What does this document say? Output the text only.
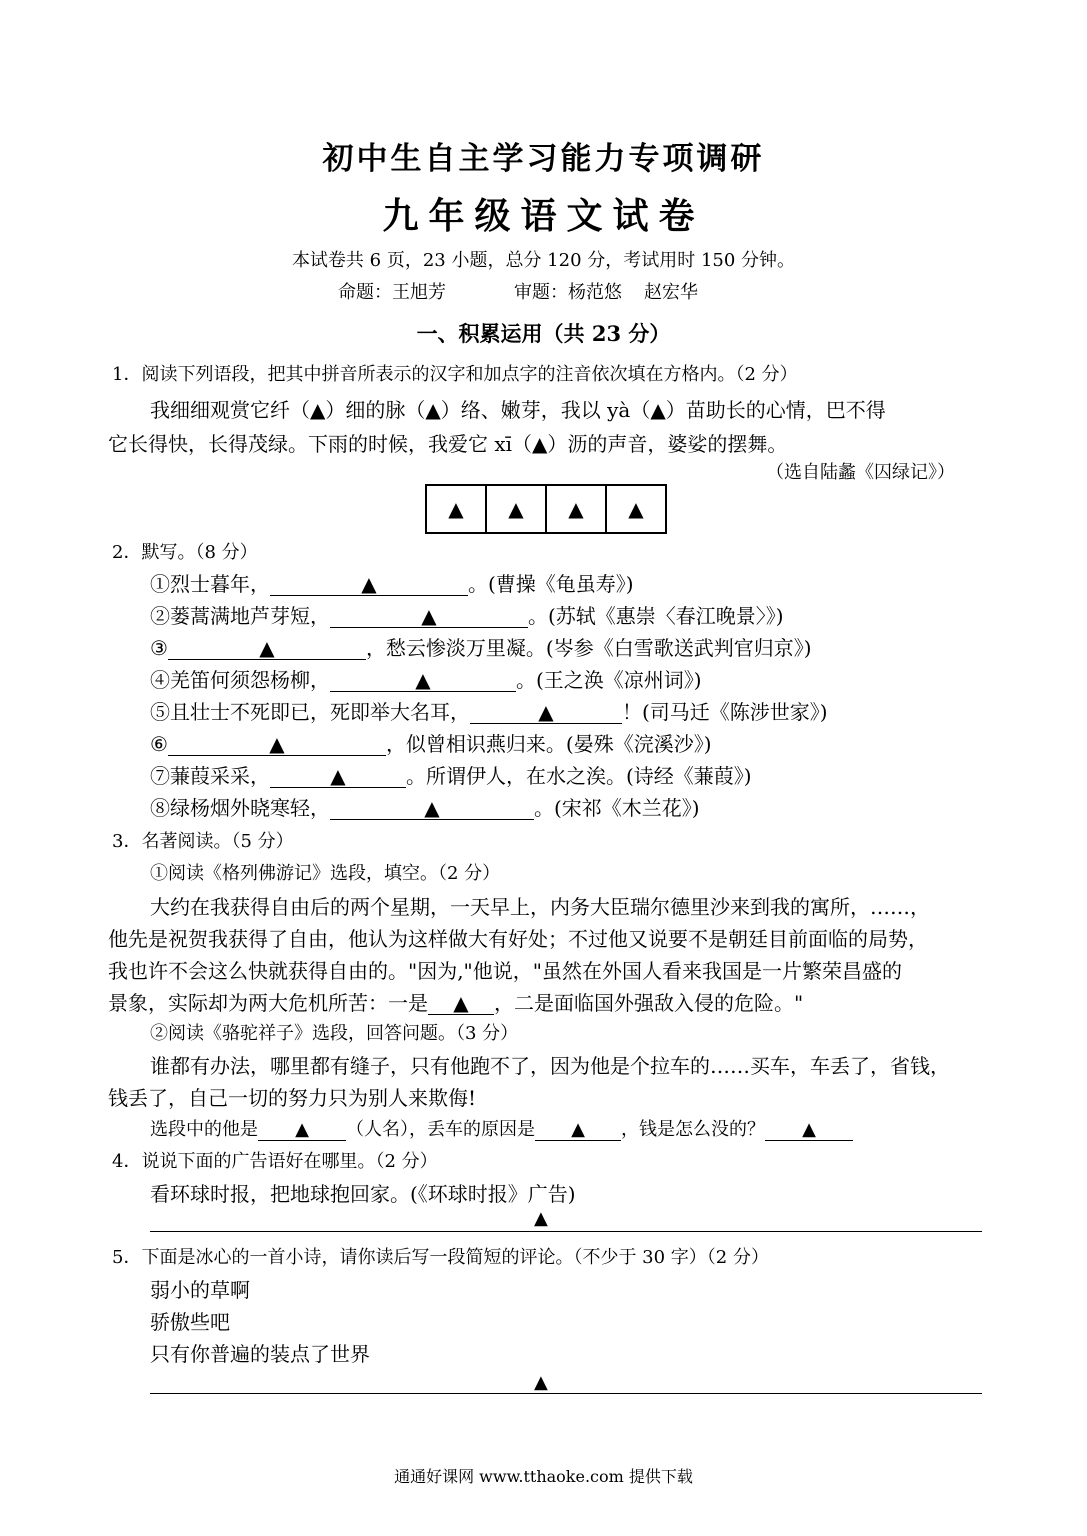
初中生自主学习能力专项调研
九年级语文试卷
本试卷共 6 页，23 小题，总分 120 分，考试用时 150 分钟。
命题：王旭芳	审题：杨范悠 赵宏华
一、积累运用（共 23 分）
1．阅读下列语段，把其中拼音所表示的汉字和加点字的注音依次填在方格内。（2 分）
我细细观赏它纤（▲）细的脉（▲）络、嫩芽，我以 yà（▲）苗助长的心情，巴不得
它长得快，长得茂绿。下雨的时候，我爱它 xī（▲）沥的声音，婆娑的摆舞。
（选自陆蠡《囚绿记》）
▲	▲	▲	▲
2．默写。（8 分）
①烈士暮年，	▲	。(曹操《龟虽寿》)
②蒌蒿满地芦芽短，	▲	。(苏轼《惠崇〈春江晚景〉》)
③	▲	，愁云惨淡万里凝。(岑参《白雪歌送武判官归京》)
④羌笛何须怨杨柳，	▲	。(王之涣《凉州词》)
⑤且壮士不死即已，死即举大名耳，	▲	！(司马迁《陈涉世家》)
⑥	▲	，似曾相识燕归来。(晏殊《浣溪沙》)
⑦蒹葭采采，	▲	。所谓伊人，在水之涘。(诗经《蒹葭》)
⑧绿杨烟外晓寒轻，	▲	。(宋祁《木兰花》)
3．名著阅读。（5 分）
①阅读《格列佛游记》选段，填空。（2 分）
大约在我获得自由后的两个星期，一天早上，内务大臣瑞尔德里沙来到我的寓所，……，
他先是祝贺我获得了自由，他认为这样做大有好处；不过他又说要不是朝廷目前面临的局势，
我也许不会这么快就获得自由的。"因为,"他说，"虽然在外国人看来我国是一片繁荣昌盛的
景象，实际却为两大危机所苦：一是 ▲ ，二是面临国外强敌入侵的危险。"
②阅读《骆驼祥子》选段，回答问题。（3 分）
谁都有办法，哪里都有缝子，只有他跑不了，因为他是个拉车的……买车，车丢了，省钱，
钱丢了，自己一切的努力只为别人来欺侮!
选段中的他是 ▲ （人名），丢车的原因是 ▲ ，钱是怎么没的？ ▲
4．说说下面的广告语好在哪里。（2 分）
看环球时报，把地球抱回家。(《环球时报》广告)
▲
5．下面是冰心的一首小诗，请你读后写一段简短的评论。（不少于 30 字）（2 分）
弱小的草啊
骄傲些吧
只有你普遍的装点了世界
▲
通通好课网 www.tthaoke.com 提供下载
